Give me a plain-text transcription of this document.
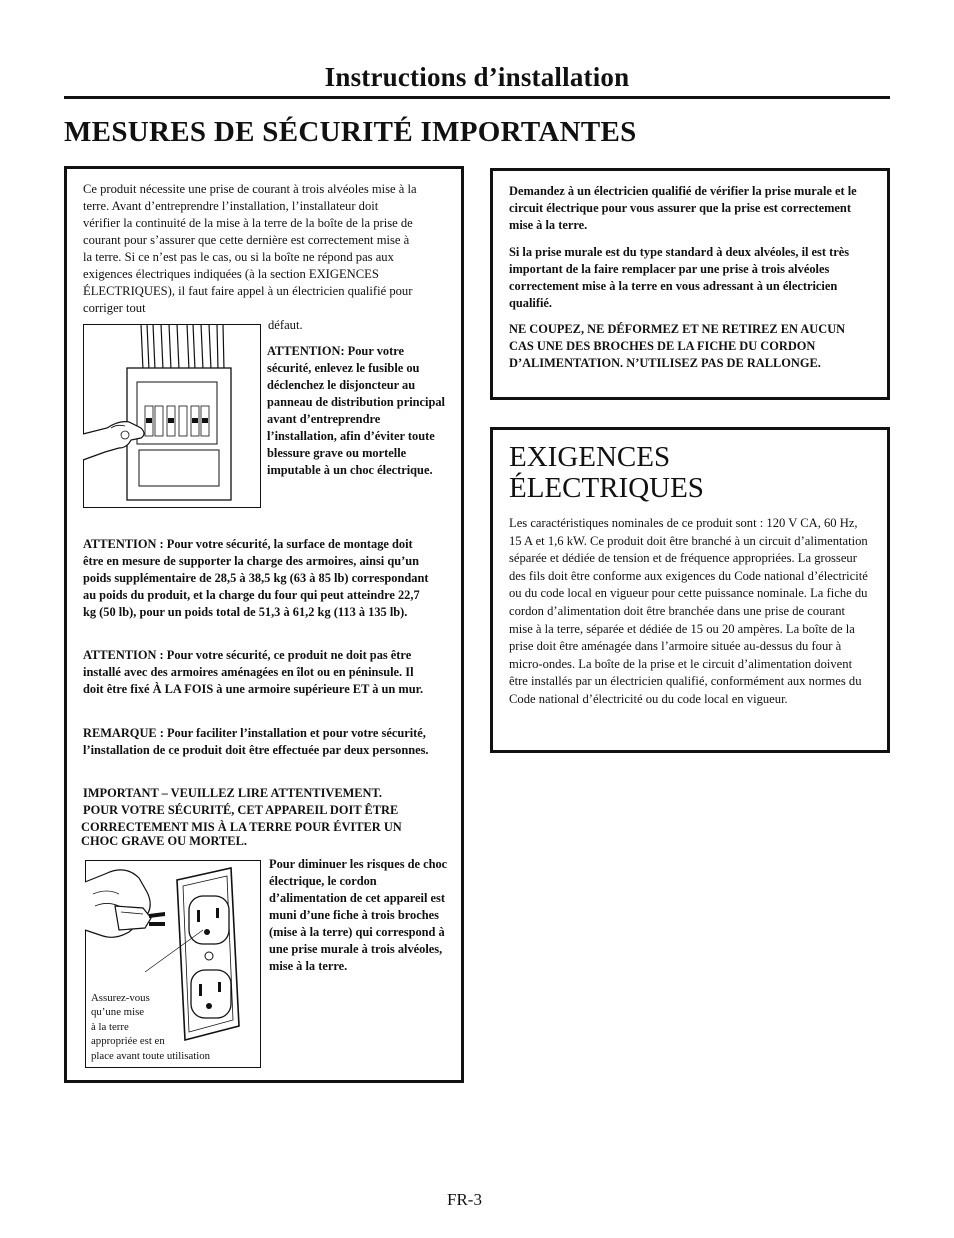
Instructions d’installation
MESURES DE SÉCURITÉ IMPORTANTES

Ce produit nécessite une prise de courant à trois alvéoles mise à la terre. Avant d’entreprendre l’installation, l’installateur doit vérifier la continuité de la mise à la terre de la boîte de la prise de courant pour s’assurer que cette dernière est correctement mise à la terre. Si ce n’est pas le cas, ou si la boîte ne répond pas aux exigences électriques indiquées (à la section EXIGENCES ÉLECTRIQUES), il faut faire appel à un électricien qualifié pour corriger tout

défaut.

ATTENTION: Pour votre sécurité, enlevez le fusible ou déclenchez le disjoncteur au panneau de distribution principal avant d’entreprendre l’installation, afin d’éviter toute blessure grave ou mortelle imputable à un choc électrique.

ATTENTION : Pour votre sécurité, la surface de montage doit être en mesure de supporter la charge des armoires, ainsi qu’un poids supplémentaire de 28,5 à 38,5 kg (63 à 85 lb) correspondant au poids du produit, et la charge du four qui peut atteindre 22,7 kg (50 lb), pour un poids total de 51,3 à 61,2 kg (113 à 135 lb).

ATTENTION : Pour votre sécurité, ce produit ne doit pas être installé avec des armoires aménagées en îlot ou en péninsule. Il doit être fixé À LA FOIS à une armoire supérieure ET à un mur.

REMARQUE : Pour faciliter l’installation et pour votre sécurité, l’installation de ce produit doit être effectuée par deux personnes.

IMPORTANT – VEUILLEZ LIRE ATTENTIVEMENT.
POUR VOTRE SÉCURITÉ, CET APPAREIL DOIT ÊTRE
CORRECTEMENT MIS À LA TERRE POUR ÉVITER UN
CHOC GRAVE OU MORTEL.
Assurez-vous
qu’une mise
à la terre
appropriée est en
place avant toute utilisation

Pour diminuer les risques de choc électrique, le cordon d’alimentation de cet appareil est muni d’une fiche à trois broches (mise à la terre) qui correspond à une prise murale à trois alvéoles, mise à la terre.

Demandez à un électricien qualifié de vérifier la prise murale et le circuit électrique pour vous assurer que la prise est correctement mise à la terre.

Si la prise murale est du type standard à deux alvéoles, il est très important de la faire remplacer par une prise à trois alvéoles correctement mise à la terre en vous adressant à un électricien qualifié.

NE COUPEZ, NE DÉFORMEZ ET NE RETIREZ EN AUCUN CAS UNE DES BROCHES DE LA FICHE DU CORDON D’ALIMENTATION. N’UTILISEZ PAS DE RALLONGE.

EXIGENCES
ÉLECTRIQUES

Les caractéristiques nominales de ce produit sont : 120 V CA, 60 Hz, 15 A et 1,6 kW. Ce produit doit être branché à un circuit d’alimentation séparée et dédiée de tension et de fréquence appropriées. La grosseur des fils doit être conforme aux exigences du Code national d’électricité ou du code local en vigueur pour cette puissance nominale. La fiche du cordon d’alimentation doit être branchée dans une prise de courant mise à la terre, séparée et dédiée de 15 ou 20 ampères. La boîte de la prise doit être aménagée dans l’armoire située au-dessus du four à micro-ondes. La boîte de la prise et le circuit d’alimentation doivent être installés par un électricien qualifié, conformément aux normes du Code national d’électricité ou du code local en vigueur.

FR-3
